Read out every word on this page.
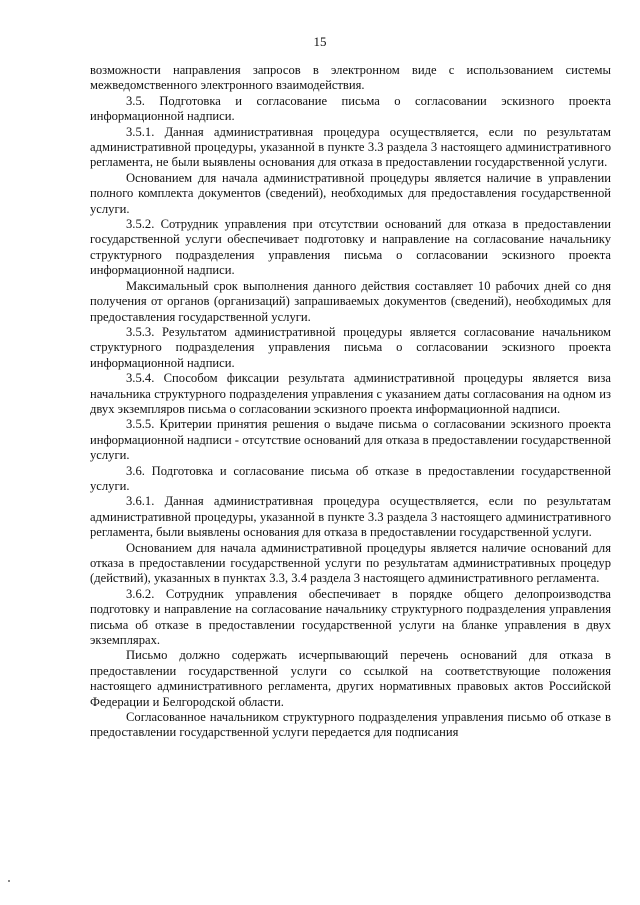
15

возможности направления запросов в электронном виде с использованием системы межведомственного электронного взаимодействия.

3.5. Подготовка и согласование письма о согласовании эскизного проекта информационной надписи.

3.5.1. Данная административная процедура осуществляется, если по результатам административной процедуры, указанной в пункте 3.3 раздела 3 настоящего административного регламента, не были выявлены основания для отказа в предоставлении государственной услуги.

Основанием для начала административной процедуры является наличие в управлении полного комплекта документов (сведений), необходимых для предоставления государственной услуги.

3.5.2. Сотрудник управления при отсутствии оснований для отказа в предоставлении государственной услуги обеспечивает подготовку и направление на согласование начальнику структурного подразделения управления письма о согласовании эскизного проекта информационной надписи.

Максимальный срок выполнения данного действия составляет 10 рабочих дней со дня получения от органов (организаций) запрашиваемых документов (сведений), необходимых для предоставления государственной услуги.

3.5.3. Результатом административной процедуры является согласование начальником структурного подразделения управления письма о согласовании эскизного проекта информационной надписи.

3.5.4. Способом фиксации результата административной процедуры является виза начальника структурного подразделения управления с указанием даты согласования на одном из двух экземпляров письма о согласовании эскизного проекта информационной надписи.

3.5.5. Критерии принятия решения о выдаче письма о согласовании эскизного проекта информационной надписи - отсутствие оснований для отказа в предоставлении государственной услуги.

3.6. Подготовка и согласование письма об отказе в предоставлении государственной услуги.

3.6.1. Данная административная процедура осуществляется, если по результатам административной процедуры, указанной в пункте 3.3 раздела 3 настоящего административного регламента, были выявлены основания для отказа в предоставлении государственной услуги.

Основанием для начала административной процедуры является наличие оснований для отказа в предоставлении государственной услуги по результатам административных процедур (действий), указанных в пунктах 3.3, 3.4 раздела 3 настоящего административного регламента.

3.6.2. Сотрудник управления обеспечивает в порядке общего делопроизводства подготовку и направление на согласование начальнику структурного подразделения управления письма об отказе в предоставлении государственной услуги на бланке управления в двух экземплярах.

Письмо должно содержать исчерпывающий перечень оснований для отказа в предоставлении государственной услуги со ссылкой на соответствующие положения настоящего административного регламента, других нормативных правовых актов Российской Федерации и Белгородской области.

Согласованное начальником структурного подразделения управления письмо об отказе в предоставлении государственной услуги передается для подписания
